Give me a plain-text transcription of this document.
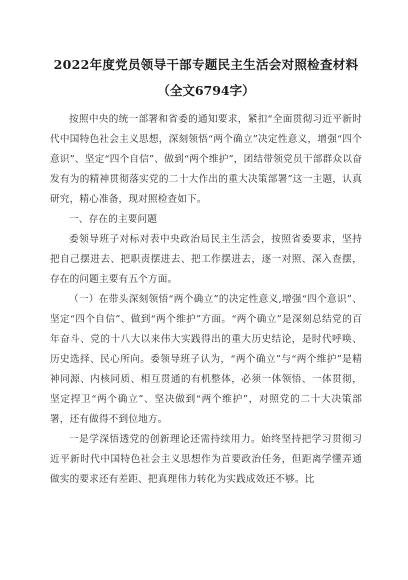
2022年度党员领导干部专题民主生活会对照检查材料
（全文6794字）

按照中央的统一部署和省委的通知要求，紧扣“全面贯彻习近平新时代中国特色社会主义思想，深刻领悟“两个确立”决定性意义，增强“四个意识”、坚定“四个自信”、做到“两个维护”，团结带领党员干部群众以奋发有为的精神贯彻落实党的二十大作出的重大决策部署”这一主题，认真研究，精心准备，现对照检查如下。

一、存在的主要问题

委领导班子对标对表中央政治局民主生活会，按照省委要求，坚持把自己摆进去、把职责摆进去、把工作摆进去，逐一对照、深入查摆，存在的问题主要有五个方面。

（一）在带头深刻领悟“两个确立”的决定性意义,增强“四个意识”、坚定“四个自信”、做到“两个维护”方面。“两个确立”是深刻总结党的百年奋斗、党的十八大以来伟大实践得出的重大历史结论，是时代呼唤、历史选择、民心所向。委领导班子认为，“两个确立”与“两个维护”是精神同源、内核同质、相互贯通的有机整体，必须一体领悟、一体贯彻，坚定捍卫“两个确立”、坚决做到“两个维护”，对照党的二十大决策部署，还有做得不到位地方。

一是学深悟透党的创新理论还需持续用力。始终坚持把学习贯彻习近平新时代中国特色社会主义思想作为首要政治任务，但距离学懂弄通做实的要求还有差距、把真理伟力转化为实践成效还不够。比
